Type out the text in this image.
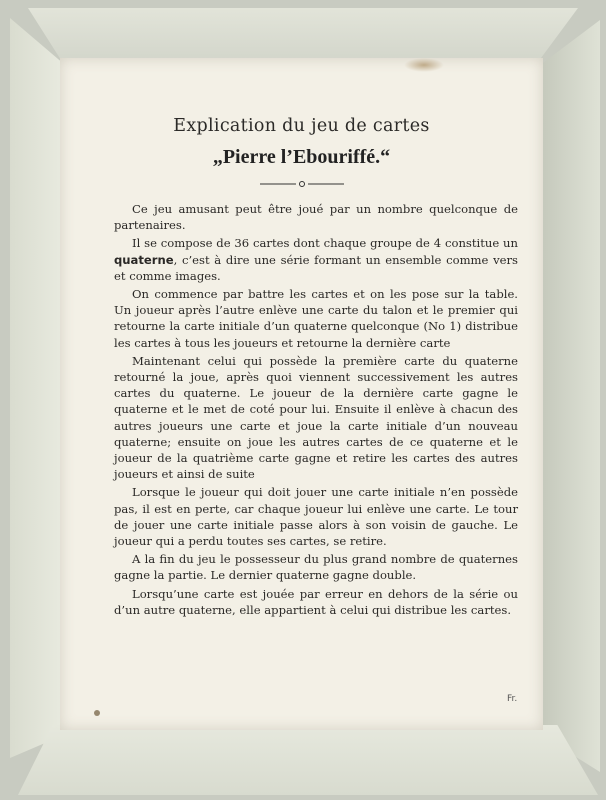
Explication du jeu de cartes
„Pierre l’Ebouriffé.“

Ce jeu amusant peut être joué par un nombre quelconque de partenaires.

Il se compose de 36 cartes dont chaque groupe de 4 constitue un quaterne, c’est à dire une série formant un ensemble comme vers et comme images.

On commence par battre les cartes et on les pose sur la table. Un joueur après l’autre enlève une carte du talon et le premier qui retourne la carte initiale d’un quaterne quelconque (No 1) distribue les cartes à tous les joueurs et retourne la dernière carte

Maintenant celui qui possède la première carte du quaterne retourné la joue, après quoi viennent successivement les autres cartes du quaterne. Le joueur de la dernière carte gagne le quaterne et le met de coté pour lui. Ensuite il enlève à chacun des autres joueurs une carte et joue la carte initiale d’un nouveau quaterne; ensuite on joue les autres cartes de ce quaterne et le joueur de la quatrième carte gagne et retire les cartes des autres joueurs et ainsi de suite

Lorsque le joueur qui doit jouer une carte initiale n’en possède pas, il est en perte, car chaque joueur lui enlève une carte. Le tour de jouer une carte initiale passe alors à son voisin de gauche. Le joueur qui a perdu toutes ses cartes, se retire.

A la fin du jeu le possesseur du plus grand nombre de quaternes gagne la partie. Le dernier quaterne gagne double.

Lorsqu’une carte est jouée par erreur en dehors de la série ou d’un autre quaterne, elle appartient à celui qui distribue les cartes.

Fr.
